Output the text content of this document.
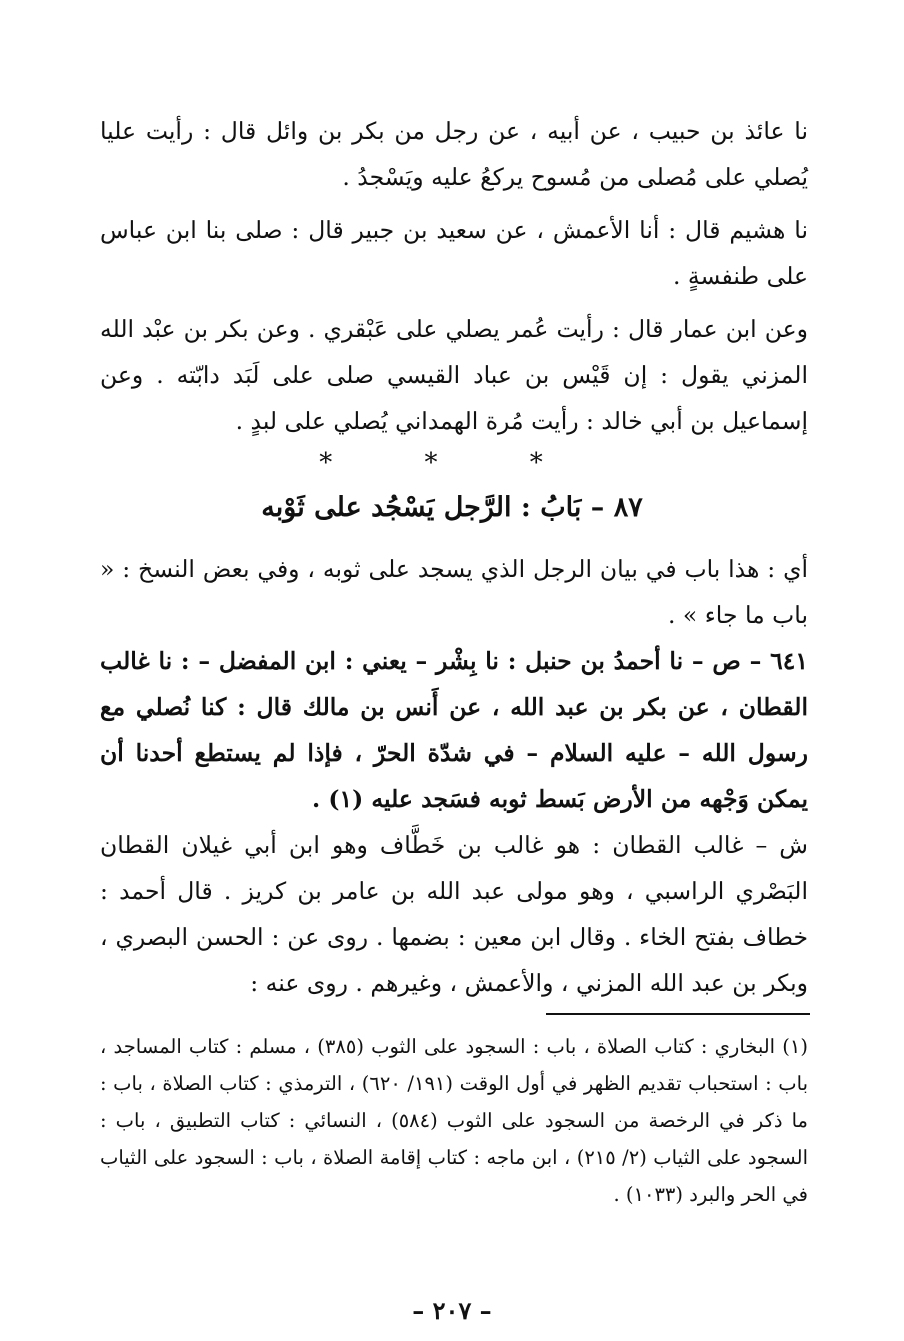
نا عائذ بن حبيب ، عن أبيه ، عن رجل من بكر بن وائل قال : رأيت عليا يُصلي على مُصلى من مُسوح يركعُ عليه ويَسْجدُ .

نا هشيم قال : أنا الأعمش ، عن سعيد بن جبير قال : صلى بنا ابن عباس على طنفسةٍ .

وعن ابن عمار قال : رأيت عُمر يصلي على عَبْقري . وعن بكر بن عبْد الله المزني يقول : إن قَيْس بن عباد القيسي صلى على لَبَد دابّته . وعن إسماعيل بن أبي خالد : رأيت مُرة الهمداني يُصلي على لبدٍ .

* * *
٨٧ – بَابُ : الرَّجل يَسْجُد على ثَوْبه

أي : هذا باب في بيان الرجل الذي يسجد على ثوبه ، وفي بعض النسخ : « باب ما جاء » .

٦٤١ – ص – نا أحمدُ بن حنبل : نا بِشْر – يعني : ابن المفضل – : نا غالب القطان ، عن بكر بن عبد الله ، عن أَنس بن مالك قال : كنا نُصلي مع رسول الله – عليه السلام – في شدّة الحرّ ، فإذا لم يستطع أحدنا أن يمكن وَجْهه من الأرض بَسط ثوبه فسَجد عليه (١) .

ش – غالب القطان : هو غالب بن خَطَّاف وهو ابن أبي غيلان القطان البَصْري الراسبي ، وهو مولى عبد الله بن عامر بن كريز . قال أحمد : خطاف بفتح الخاء . وقال ابن معين : بضمها . روى عن : الحسن البصري ، وبكر بن عبد الله المزني ، والأعمش ، وغيرهم . روى عنه :

(١) البخاري : كتاب الصلاة ، باب : السجود على الثوب (٣٨٥) ، مسلم : كتاب المساجد ، باب : استحباب تقديم الظهر في أول الوقت (١٩١/ ٦٢٠) ، الترمذي : كتاب الصلاة ، باب : ما ذكر في الرخصة من السجود على الثوب (٥٨٤) ، النسائي : كتاب التطبيق ، باب : السجود على الثياب (٢/ ٢١٥) ، ابن ماجه : كتاب إقامة الصلاة ، باب : السجود على الثياب في الحر والبرد (١٠٣٣) .

– ٢٠٧ –
